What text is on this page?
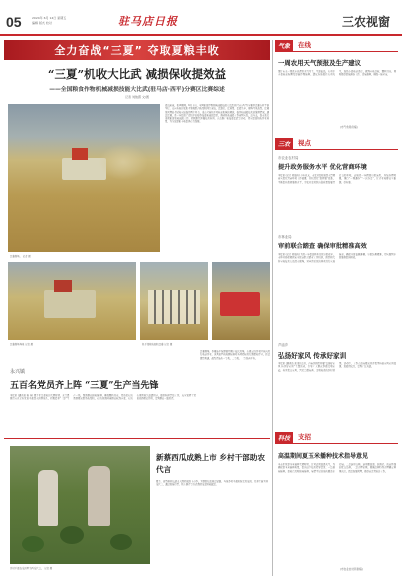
05	2024年 6月 14日 星期五
编辑 版式 校对	驻马店日报	三农视窗
全力奋战“三夏” 夺取夏粮丰收
“三夏”机收大比武 减损保收提效益
——全国粮食作物机械减损技能大比武(驻马店·西平)分赛区比赛综述
记者 刘俊霞 文/图
比赛现场。 记者 摄
麦浪滚滚，机声隆隆。6月上旬，全国粮食作物机械减损技能大比武(驻马店·西平)分赛区比赛在西平县举行。来自各地的农机手驾驶联合收割机同台竞技，比速度、比质量、比损失率，现场气氛热烈。比赛设置理论考试和实际操作两个环节，重点考核机手对收获机械的调试、操作和减损技术的掌握情况。通过比赛，进一步提高了农机手的操作技能和减损意识，推动机收减损工作落到实处。近年来，我市高度重视粮食机收减损工作，积极组织开展技术培训、示范推广和技能比武等活动，切实提高机收作业质量，为夺取夏粮丰收提供有力保障。
比赛现场场景 记者 摄	机手驾驶收割机比赛 记者 摄
比赛现场，参赛选手按照抽签顺序依次进场，在规定的作业区域内进行收获作业。裁判员严格按照标准对各项指标进行测量和评分。经过激烈角逐，最终评选出一等奖、二等奖、三等奖若干名。
永兴镇
五百名党员齐上阵 “三夏”生产当先锋
本报讯 (通讯员 陈 佳) 眼下正是麦收的关键时期，永兴镇组织五百余名党员干部深入田间地头，积极投身“三夏”生产一线，帮助群众抢收抢种，确保颗粒归仓。党员们有的帮助群众联系收割机，有的协助困难群众收割小麦，有的在田间地头巡逻值守，做好秸秆禁烧工作，充分发挥了党员先锋模范作用，受到群众一致好评。
乡村干部在瓜田里为西瓜代言。 记者 摄
新蔡西瓜成熟上市 乡村干部助农代言
眼下，新蔡县西瓜迎来大面积成熟上市季。为帮助瓜农拓宽销路，当地乡村干部纷纷走进瓜田，化身主播为西瓜代言，通过直播带货、线上推介等方式帮助瓜农增收致富。
气象	在线
一周农用天气预报及生产建议
预计未来一周我市以晴好天气为主，气温偏高，有利于小麦收获晾晒及夏播作物播种。建议各地抓住有利天气，加快小麦收获进度，做到应收尽收、颗粒归仓。同时做好夏播准备工作，适墒抢种，确保一播全苗。
(市气象局供稿)
三农	视点
市农业农村局
提升政务服务水平 优化营商环境
本报讯 (记者 刘俊霞) 今年以来，市农业农村局深入贯彻落实优化营商环境工作部署，持续深化“放管服”改革，不断提升政务服务水平，为农业农村经济高质量发展营造良好环境。该局进一步精简审批流程，压缩办理时限，推行“一网通办”“一次办妥”，让企业和群众少跑腿、好办事。
市林业局
审前联合踏查 确保审批精准高效
本报讯 (记者 刘俊霞) 为进一步提高林木采伐审批效率，市林业局积极探索审批前联合踏查工作机制，组织相关科室和技术人员深入现场，对申请采伐的林木进行实地核查，确保审批依据准确、审批结果精准，切实做到审批服务提质增效。
芦庙乡
弘扬好家风 传承好家训
本报讯 (通讯员 张 丽) 近日，芦庙乡组织开展“弘扬好家风 传承好家训”主题活动，引导广大群众争做文明家庭、传承优良家风，营造崇德向善、文明和谐的乡村氛围。活动中，工作人员向群众宣讲优秀传统家风家训故事，发放倡议书，受到广泛欢迎。
科技	支招
高温期间夏玉米播种技术指导意见
当前正值夏玉米播种关键时期，针对近期高温天气，为确保夏玉米播种质量，提出以下技术指导意见：一是抢墒播种。麦收后及时抢墒播种，墒情不足的地块要浇水造墒。二是选用良种。选用耐高温、抗倒伏、抗病性强的优良品种。三是合理密植。根据品种特性合理确定种植密度。四是加强管理，做好病虫害防治工作。
(市农业农村局供稿)
